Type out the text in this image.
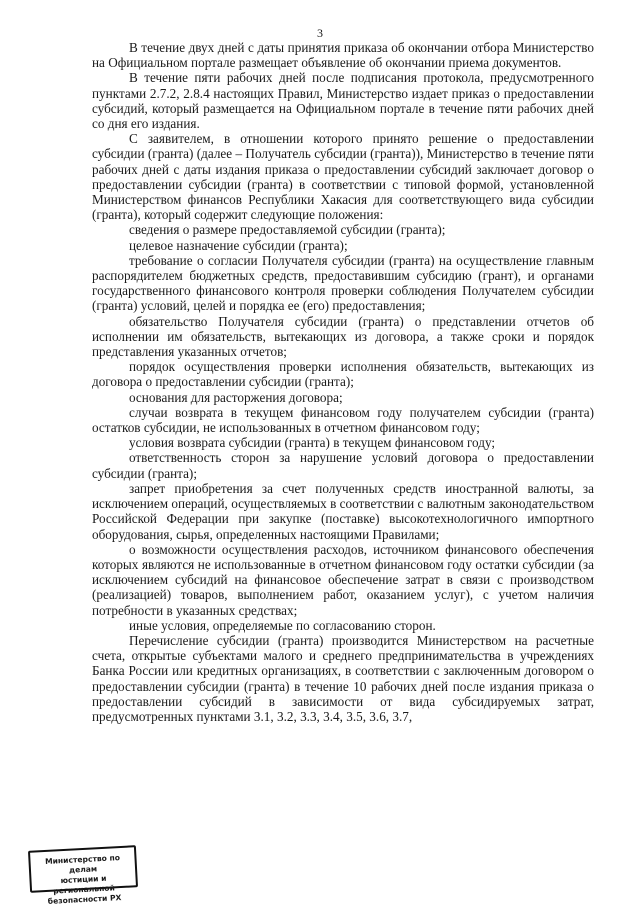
3

В течение двух дней с даты принятия приказа об окончании отбора Министерство на Официальном портале размещает объявление об окончании приема документов.

В течение пяти рабочих дней после подписания протокола, предусмотренного пунктами 2.7.2, 2.8.4 настоящих Правил, Министерство издает приказ о предоставлении субсидий, который размещается на Официальном портале в течение пяти рабочих дней со дня его издания.

С заявителем, в отношении которого принято решение о предоставлении субсидии (гранта) (далее – Получатель субсидии (гранта)), Министерство в течение пяти рабочих дней с даты издания приказа о предоставлении субсидий заключает договор о предоставлении субсидии (гранта) в соответствии с типовой формой, установленной Министерством финансов Республики Хакасия для соответствующего вида субсидии (гранта), который содержит следующие положения:

сведения о размере предоставляемой субсидии (гранта);

целевое назначение субсидии (гранта);

требование о согласии Получателя субсидии (гранта) на осуществление главным распорядителем бюджетных средств, предоставившим субсидию (грант), и органами государственного финансового контроля проверки соблюдения Получателем субсидии (гранта) условий, целей и порядка ее (его) предоставления;

обязательство Получателя субсидии (гранта) о представлении отчетов об исполнении им обязательств, вытекающих из договора, а также сроки и порядок представления указанных отчетов;

порядок осуществления проверки исполнения обязательств, вытекающих из договора о предоставлении субсидии (гранта);

основания для расторжения договора;

случаи возврата в текущем финансовом году получателем субсидии (гранта) остатков субсидии, не использованных в отчетном финансовом году;

условия возврата субсидии (гранта) в текущем финансовом году;

ответственность сторон за нарушение условий договора о предоставлении субсидии (гранта);

запрет приобретения за счет полученных средств иностранной валюты, за исключением операций, осуществляемых в соответствии с валютным законодательством Российской Федерации при закупке (поставке) высокотехнологичного импортного оборудования, сырья, определенных настоящими Правилами;

о возможности осуществления расходов, источником финансового обеспечения которых являются не использованные в отчетном финансовом году остатки субсидии (за исключением субсидий на финансовое обеспечение затрат в связи с производством (реализацией) товаров, выполнением работ, оказанием услуг), с учетом наличия потребности в указанных средствах;

иные условия, определяемые по согласованию сторон.

Перечисление субсидии (гранта) производится Министерством на расчетные счета, открытые субъектами малого и среднего предпринимательства в учреждениях Банка России или кредитных организациях, в соответствии с заключенным договором о предоставлении субсидии (гранта) в течение 10 рабочих дней после издания приказа о предоставлении субсидий в зависимости от вида субсидируемых затрат, предусмотренных пунктами 3.1, 3.2, 3.3, 3.4, 3.5, 3.6, 3.7,

Министерство по делам
юстиции и региональной
безопасности РХ
